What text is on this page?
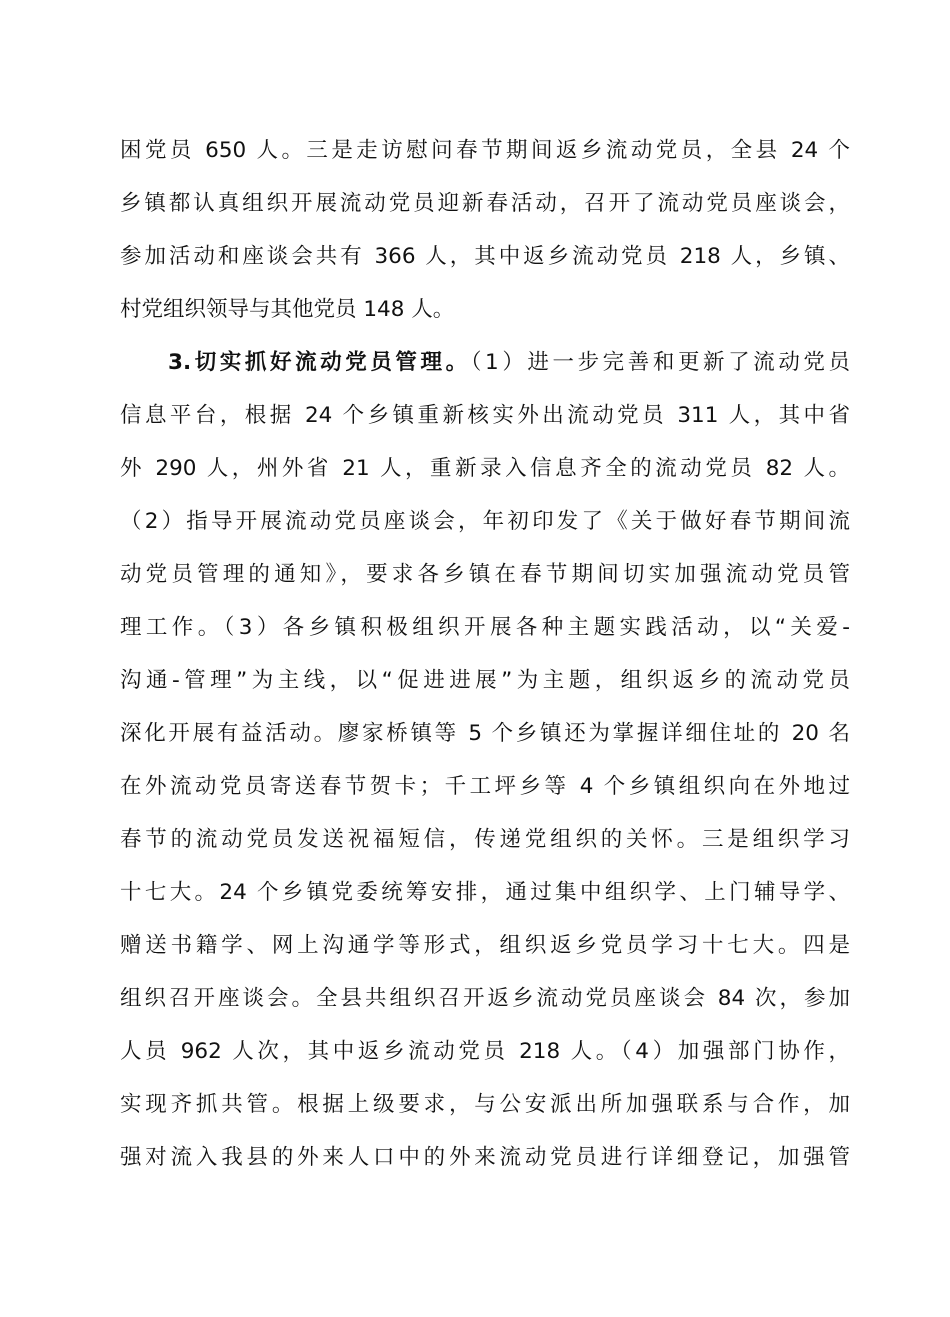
困党员 650 人。三是走访慰问春节期间返乡流动党员，全县 24 个

乡镇都认真组织开展流动党员迎新春活动，召开了流动党员座谈会，

参加活动和座谈会共有 366 人，其中返乡流动党员 218 人，乡镇、

村党组织领导与其他党员 148 人。

3.切实抓好流动党员管理。（1）进一步完善和更新了流动党员

信息平台，根据 24 个乡镇重新核实外出流动党员 311 人，其中省

外 290 人，州外省 21 人，重新录入信息齐全的流动党员 82 人。

（2）指导开展流动党员座谈会，年初印发了《关于做好春节期间流

动党员管理的通知》，要求各乡镇在春节期间切实加强流动党员管

理工作。（3）各乡镇积极组织开展各种主题实践活动，以“关爱-

沟通-管理”为主线，以“促进进展”为主题，组织返乡的流动党员

深化开展有益活动。廖家桥镇等 5 个乡镇还为掌握详细住址的 20 名

在外流动党员寄送春节贺卡；千工坪乡等 4 个乡镇组织向在外地过

春节的流动党员发送祝福短信，传递党组织的关怀。三是组织学习

十七大。24 个乡镇党委统筹安排，通过集中组织学、上门辅导学、

赠送书籍学、网上沟通学等形式，组织返乡党员学习十七大。四是

组织召开座谈会。全县共组织召开返乡流动党员座谈会 84 次，参加

人员 962 人次，其中返乡流动党员 218 人。（4）加强部门协作，

实现齐抓共管。根据上级要求，与公安派出所加强联系与合作，加

强对流入我县的外来人口中的外来流动党员进行详细登记，加强管
